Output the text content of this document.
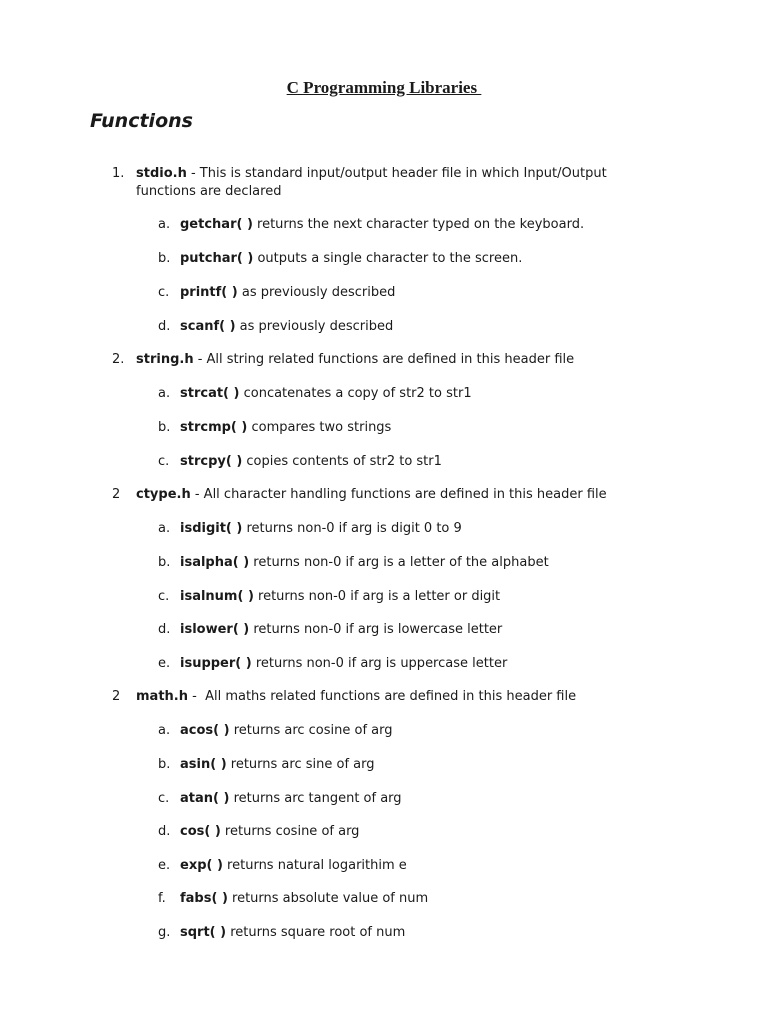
C Programming Libraries
Functions
1. stdio.h - This is standard input/output header file in which Input/Output functions are declared
a. getchar( ) returns the next character typed on the keyboard.
b. putchar( ) outputs a single character to the screen.
c. printf( ) as previously described
d. scanf( ) as previously described
2. string.h - All string related functions are defined in this header file
a. strcat( ) concatenates a copy of str2 to str1
b. strcmp( ) compares two strings
c. strcpy( ) copies contents of str2 to str1
2 ctype.h - All character handling functions are defined in this header file
a. isdigit( ) returns non-0 if arg is digit 0 to 9
b. isalpha( ) returns non-0 if arg is a letter of the alphabet
c. isalnum( ) returns non-0 if arg is a letter or digit
d. islower( ) returns non-0 if arg is lowercase letter
e. isupper( ) returns non-0 if arg is uppercase letter
2 math.h -  All maths related functions are defined in this header file
a. acos( ) returns arc cosine of arg
b. asin( ) returns arc sine of arg
c. atan( ) returns arc tangent of arg
d. cos( ) returns cosine of arg
e. exp( ) returns natural logarithim e
f. fabs( ) returns absolute value of num
g. sqrt( ) returns square root of num
